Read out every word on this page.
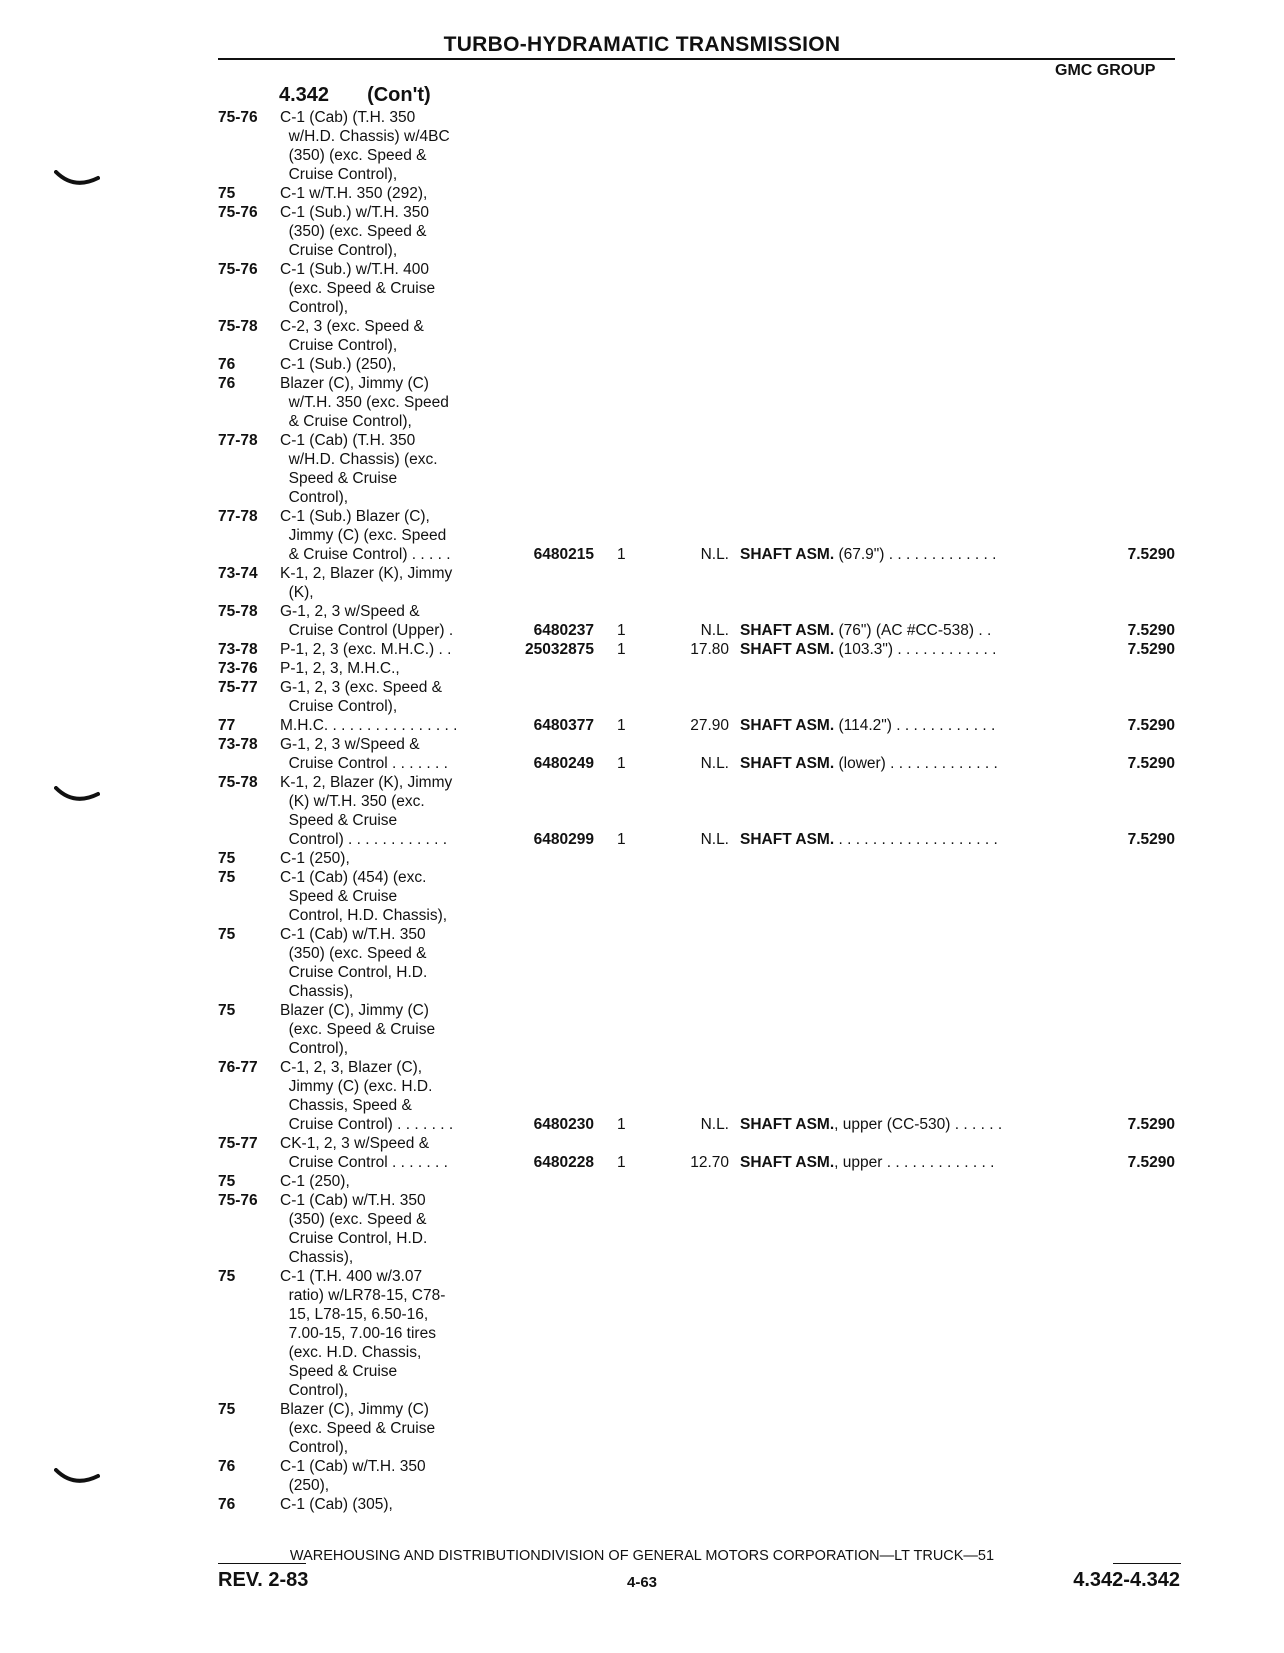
TURBO-HYDRAMATIC TRANSMISSION
GMC GROUP
4.342 (Con't)
75-76	C-1 (Cab) (T.H. 350
w/H.D. Chassis) w/4BC
(350) (exc. Speed &
Cruise Control),
75	C-1 w/T.H. 350 (292),
75-76	C-1 (Sub.) w/T.H. 350
(350) (exc. Speed &
Cruise Control),
75-76	C-1 (Sub.) w/T.H. 400
(exc. Speed & Cruise
Control),
75-78	C-2, 3 (exc. Speed &
Cruise Control),
76	C-1 (Sub.) (250),
76	Blazer (C), Jimmy (C)
w/T.H. 350 (exc. Speed
& Cruise Control),
77-78	C-1 (Cab) (T.H. 350
w/H.D. Chassis) (exc.
Speed & Cruise
Control),
77-78	C-1 (Sub.) Blazer (C),
Jimmy (C) (exc. Speed
& Cruise Control) . . . . .	6480215 1	N.L. SHAFT ASM. (67.9") . . . . . . . . . . . . .	7.5290
73-74	K-1, 2, Blazer (K), Jimmy
(K),
75-78	G-1, 2, 3 w/Speed &
Cruise Control (Upper) .	6480237 1	N.L. SHAFT ASM. (76") (AC #CC-538) . .	7.5290
73-78	P-1, 2, 3 (exc. M.H.C.) . .	25032875 1	17.80 SHAFT ASM. (103.3") . . . . . . . . . . . .	7.5290
73-76	P-1, 2, 3, M.H.C.,
75-77	G-1, 2, 3 (exc. Speed &
Cruise Control),
77	M.H.C. . . . . . . . . . . . . . . .	6480377 1	27.90 SHAFT ASM. (114.2") . . . . . . . . . . . .	7.5290
73-78	G-1, 2, 3 w/Speed &
Cruise Control . . . . . . .	6480249 1	N.L. SHAFT ASM. (lower) . . . . . . . . . . . . .	7.5290
75-78	K-1, 2, Blazer (K), Jimmy
(K) w/T.H. 350 (exc.
Speed & Cruise
Control) . . . . . . . . . . . .	6480299 1	N.L. SHAFT ASM. . . . . . . . . . . . . . . . . . . .	7.5290
75	C-1 (250),
75	C-1 (Cab) (454) (exc.
Speed & Cruise
Control, H.D. Chassis),
75	C-1 (Cab) w/T.H. 350
(350) (exc. Speed &
Cruise Control, H.D.
Chassis),
75	Blazer (C), Jimmy (C)
(exc. Speed & Cruise
Control),
76-77	C-1, 2, 3, Blazer (C),
Jimmy (C) (exc. H.D.
Chassis, Speed &
Cruise Control) . . . . . . .	6480230 1	N.L. SHAFT ASM., upper (CC-530) . . . . . .	7.5290
75-77	CK-1, 2, 3 w/Speed &
Cruise Control . . . . . . .	6480228 1	12.70 SHAFT ASM., upper . . . . . . . . . . . . .	7.5290
75	C-1 (250),
75-76	C-1 (Cab) w/T.H. 350
(350) (exc. Speed &
Cruise Control, H.D.
Chassis),
75	C-1 (T.H. 400 w/3.07
ratio) w/LR78-15, C78-
15, L78-15, 6.50-16,
7.00-15, 7.00-16 tires
(exc. H.D. Chassis,
Speed & Cruise
Control),
75	Blazer (C), Jimmy (C)
(exc. Speed & Cruise
Control),
76	C-1 (Cab) w/T.H. 350
(250),
76	C-1 (Cab) (305),
WAREHOUSING AND DISTRIBUTIONDIVISION OF GENERAL MOTORS CORPORATION—LT TRUCK—51
REV. 2-83	4-63	4.342-4.342
